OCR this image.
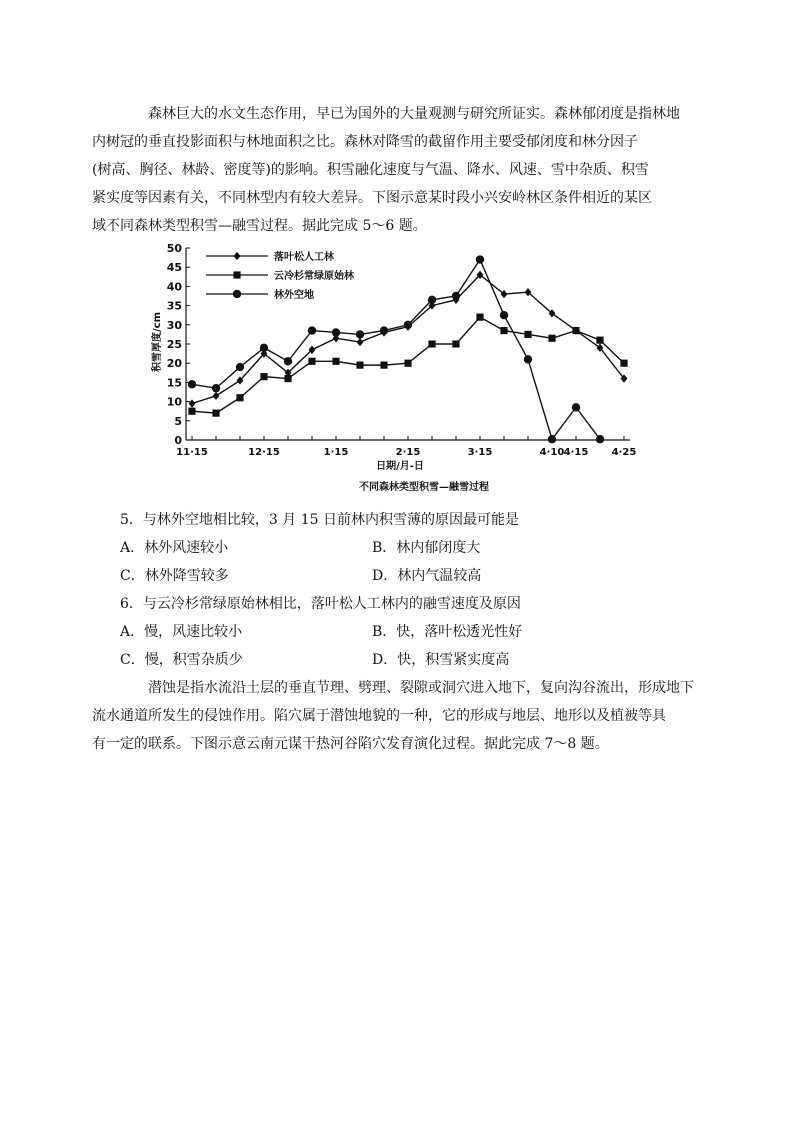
森林巨大的水文生态作用，早已为国外的大量观测与研究所证实。森林郁闭度是指林地
内树冠的垂直投影面积与林地面积之比。森林对降雪的截留作用主要受郁闭度和林分因子
(树高、胸径、林龄、密度等)的影响。积雪融化速度与气温、降水、风速、雪中杂质、积雪
紧实度等因素有关，不同林型内有较大差异。下图示意某时段小兴安岭林区条件相近的某区
域不同森林类型积雪—融雪过程。据此完成 5～6 题。
0
5
10
15
20
25
30
35
40
45
50
11·15	12·15	1·15	2·15	3·15	4·10 4·15 4·25
落叶松人工林
云冷杉常绿原始林
林外空地
积雪厚度/cm
日期/月-日
不同森林类型积雪—融雪过程

5．与林外空地相比较，3 月 15 日前林内积雪薄的原因最可能是

A．林外风速较小	B．林内郁闭度大
C．林外降雪较多	D．林内气温较高

6．与云冷杉常绿原始林相比，落叶松人工林内的融雪速度及原因

A．慢，风速比较小	B．快，落叶松透光性好
C．慢，积雪杂质少	D．快，积雪紧实度高
潜蚀是指水流沿土层的垂直节理、劈理、裂隙或洞穴进入地下，复向沟谷流出，形成地下
流水通道所发生的侵蚀作用。陷穴属于潜蚀地貌的一种，它的形成与地层、地形以及植被等具
有一定的联系。下图示意云南元谋干热河谷陷穴发育演化过程。据此完成 7～8 题。
